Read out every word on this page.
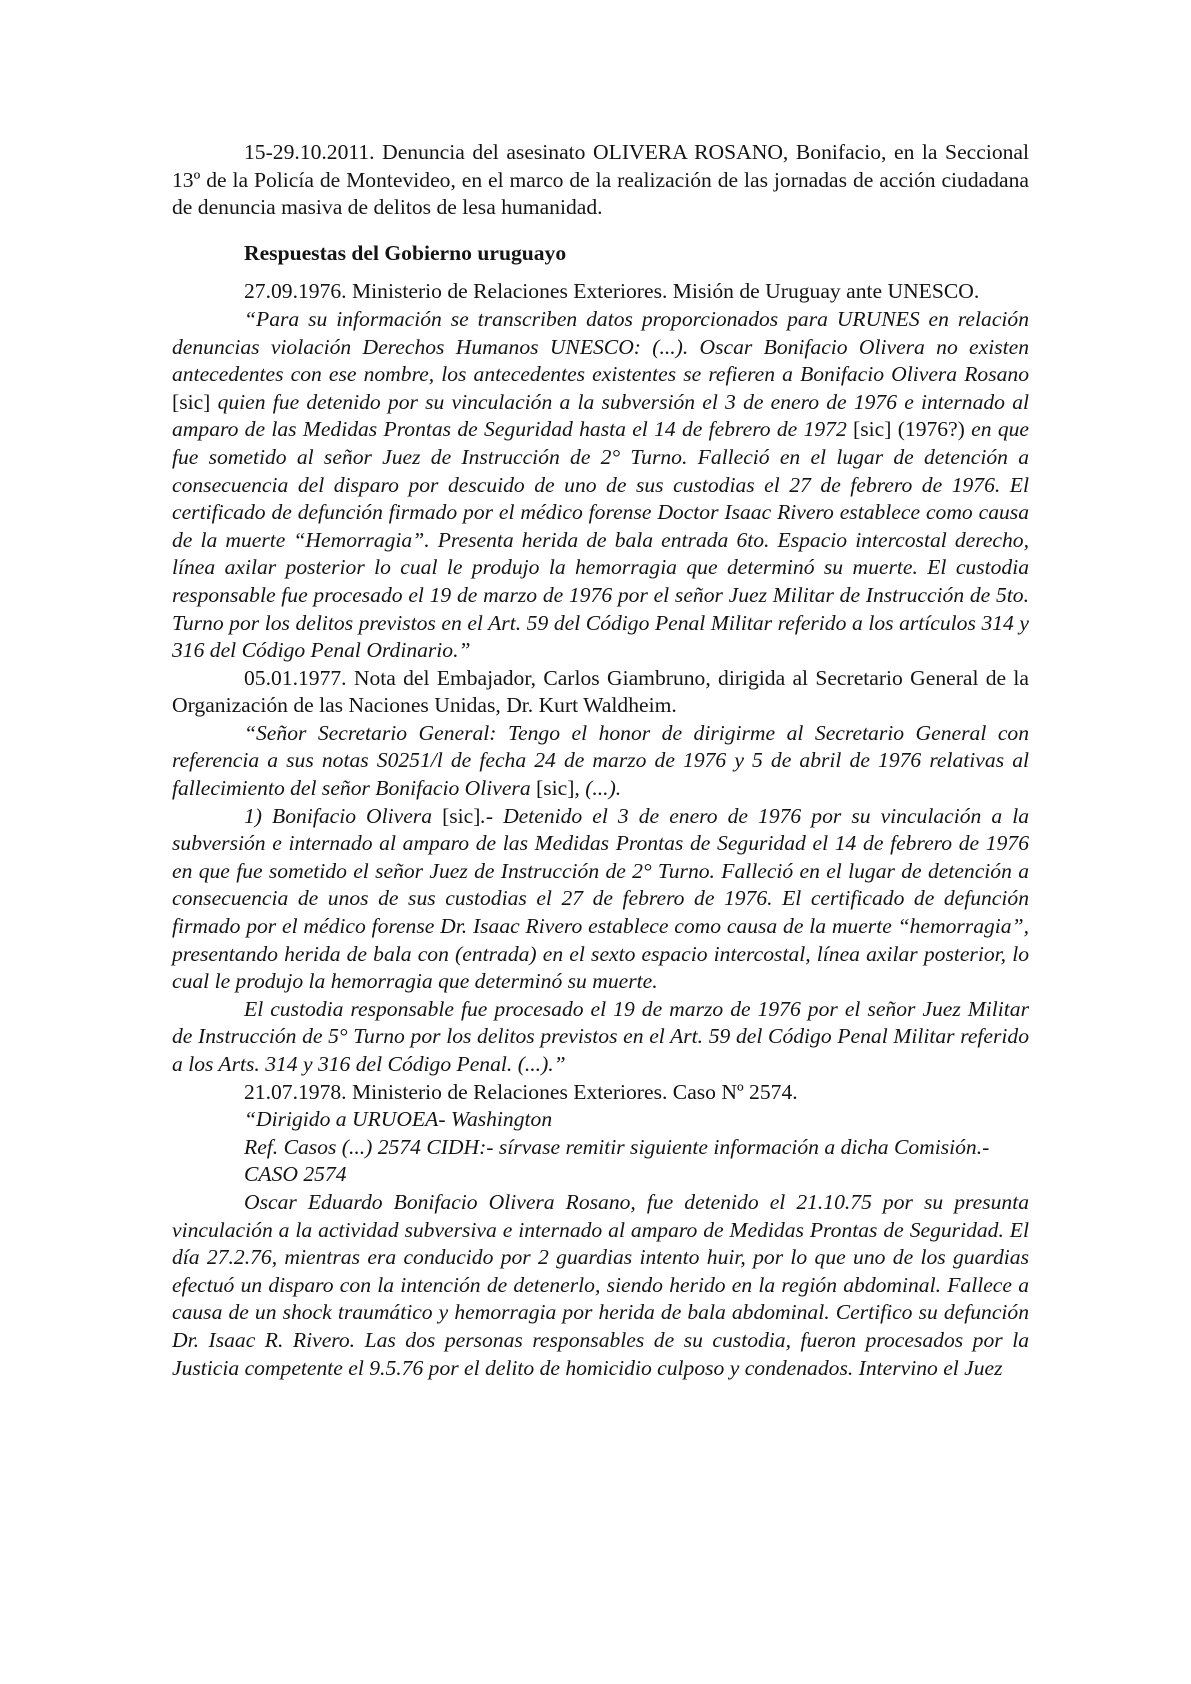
15-29.10.2011. Denuncia del asesinato OLIVERA ROSANO, Bonifacio, en la Seccional 13º de la Policía de Montevideo, en el marco de la realización de las jornadas de acción ciudadana de denuncia masiva de delitos de lesa humanidad.

Respuestas del Gobierno uruguayo

27.09.1976. Ministerio de Relaciones Exteriores. Misión de Uruguay ante UNESCO.

“Para su información se transcriben datos proporcionados para URUNES en relación denuncias violación Derechos Humanos UNESCO: (...). Oscar Bonifacio Olivera no existen antecedentes con ese nombre, los antecedentes existentes se refieren a Bonifacio Olivera Rosano [sic] quien fue detenido por su vinculación a la subversión el 3 de enero de 1976 e internado al amparo de las Medidas Prontas de Seguridad hasta el 14 de febrero de 1972 [sic] (1976?) en que fue sometido al señor Juez de Instrucción de 2° Turno. Falleció en el lugar de detención a consecuencia del disparo por descuido de uno de sus custodias el 27 de febrero de 1976. El certificado de defunción firmado por el médico forense Doctor Isaac Rivero establece como causa de la muerte “Hemorragia”. Presenta herida de bala entrada 6to. Espacio intercostal derecho, línea axilar posterior lo cual le produjo la hemorragia que determinó su muerte. El custodia responsable fue procesado el 19 de marzo de 1976 por el señor Juez Militar de Instrucción de 5to. Turno por los delitos previstos en el Art. 59 del Código Penal Militar referido a los artículos 314 y 316 del Código Penal Ordinario.”

05.01.1977. Nota del Embajador, Carlos Giambruno, dirigida al Secretario General de la Organización de las Naciones Unidas, Dr. Kurt Waldheim.

“Señor Secretario General: Tengo el honor de dirigirme al Secretario General con referencia a sus notas S0251/l de fecha 24 de marzo de 1976 y 5 de abril de 1976 relativas al fallecimiento del señor Bonifacio Olivera [sic], (...).

1) Bonifacio Olivera [sic].- Detenido el 3 de enero de 1976 por su vinculación a la subversión e internado al amparo de las Medidas Prontas de Seguridad el 14 de febrero de 1976 en que fue sometido el señor Juez de Instrucción de 2° Turno. Falleció en el lugar de detención a consecuencia de unos de sus custodias el 27 de febrero de 1976. El certificado de defunción firmado por el médico forense Dr. Isaac Rivero establece como causa de la muerte “hemorragia”, presentando herida de bala con (entrada) en el sexto espacio intercostal, línea axilar posterior, lo cual le produjo la hemorragia que determinó su muerte.

El custodia responsable fue procesado el 19 de marzo de 1976 por el señor Juez Militar de Instrucción de 5° Turno por los delitos previstos en el Art. 59 del Código Penal Militar referido a los Arts. 314 y 316 del Código Penal. (...).”

21.07.1978. Ministerio de Relaciones Exteriores. Caso Nº 2574.

“Dirigido a URUOEA- Washington

Ref. Casos (...) 2574 CIDH:- sírvase remitir siguiente información a dicha Comisión.-

CASO 2574

Oscar Eduardo Bonifacio Olivera Rosano, fue detenido el 21.10.75 por su presunta vinculación a la actividad subversiva e internado al amparo de Medidas Prontas de Seguridad. El día 27.2.76, mientras era conducido por 2 guardias intento huir, por lo que uno de los guardias efectuó un disparo con la intención de detenerlo, siendo herido en la región abdominal. Fallece a causa de un shock traumático y hemorragia por herida de bala abdominal. Certifico su defunción Dr. Isaac R. Rivero. Las dos personas responsables de su custodia, fueron procesados por la Justicia competente el 9.5.76 por el delito de homicidio culposo y condenados. Intervino el Juez
